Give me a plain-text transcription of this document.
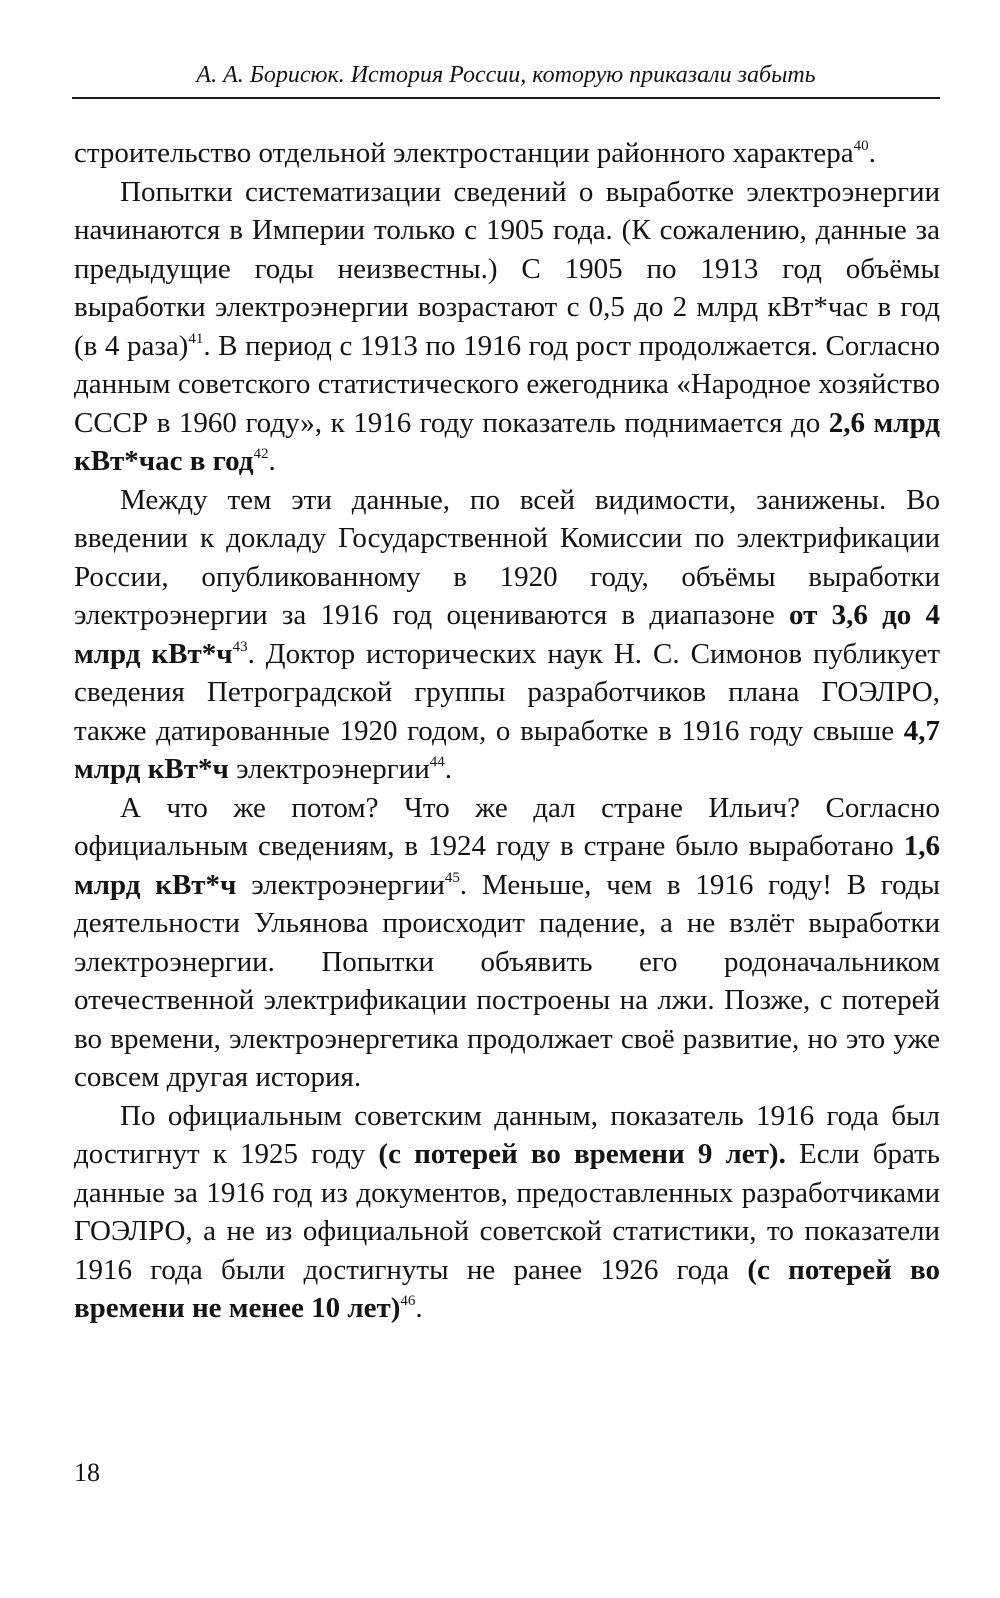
А. А. Борисюк. История России, которую приказали забыть

строительство отдельной электростанции районного характера$^{40}$.

Попытки систематизации сведений о выработке электроэнергии начинаются в Империи только с 1905 года. (К сожалению, данные за предыдущие годы неизвестны.) С 1905 по 1913 год объёмы выработки электроэнергии возрастают с 0,5 до 2 млрд кВт*час в год (в 4 раза)$^{41}$. В период с 1913 по 1916 год рост продолжается. Согласно данным советского статистического ежегодника «Народное хозяйство СССР в 1960 году», к 1916 году показатель поднимается до 2,6 млрд кВт*час в год$^{42}$.

Между тем эти данные, по всей видимости, занижены. Во введении к докладу Государственной Комиссии по электрификации России, опубликованному в 1920 году, объёмы выработки электроэнергии за 1916 год оцениваются в диапазоне от 3,6 до 4 млрд $кВт*ч^{43}$. Доктор исторических наук Н. С. Симонов публикует сведения Петроградской группы разработчиков плана ГОЭЛРО, также датированные 1920 годом, о выработке в 1916 году свыше 4,7 млрд кВт*ч электроэнергии$^{44}$.

А что же потом? Что же дал стране Ильич? Согласно официальным сведениям, в 1924 году в стране было выработано 1,6 млрд кВт*ч электроэнергии$^{45}$. Меньше, чем в 1916 году! В годы деятельности Ульянова происходит падение, а не взлёт выработки электроэнергии. Попытки объявить его родоначальником отечественной электрификации построены на лжи. Позже, с потерей во времени, электроэнергетика продолжает своё развитие, но это уже совсем другая история.

По официальным советским данным, показатель 1916 года был достигнут к 1925 году (с потерей во времени 9 лет). Если брать данные за 1916 год из документов, предоставленных разработчиками ГОЭЛРО, а не из официальной советской статистики, то показатели 1916 года были достигнуты не ранее 1926 года (с потерей во времени не менее 10 лет)$^{46}$.

18
